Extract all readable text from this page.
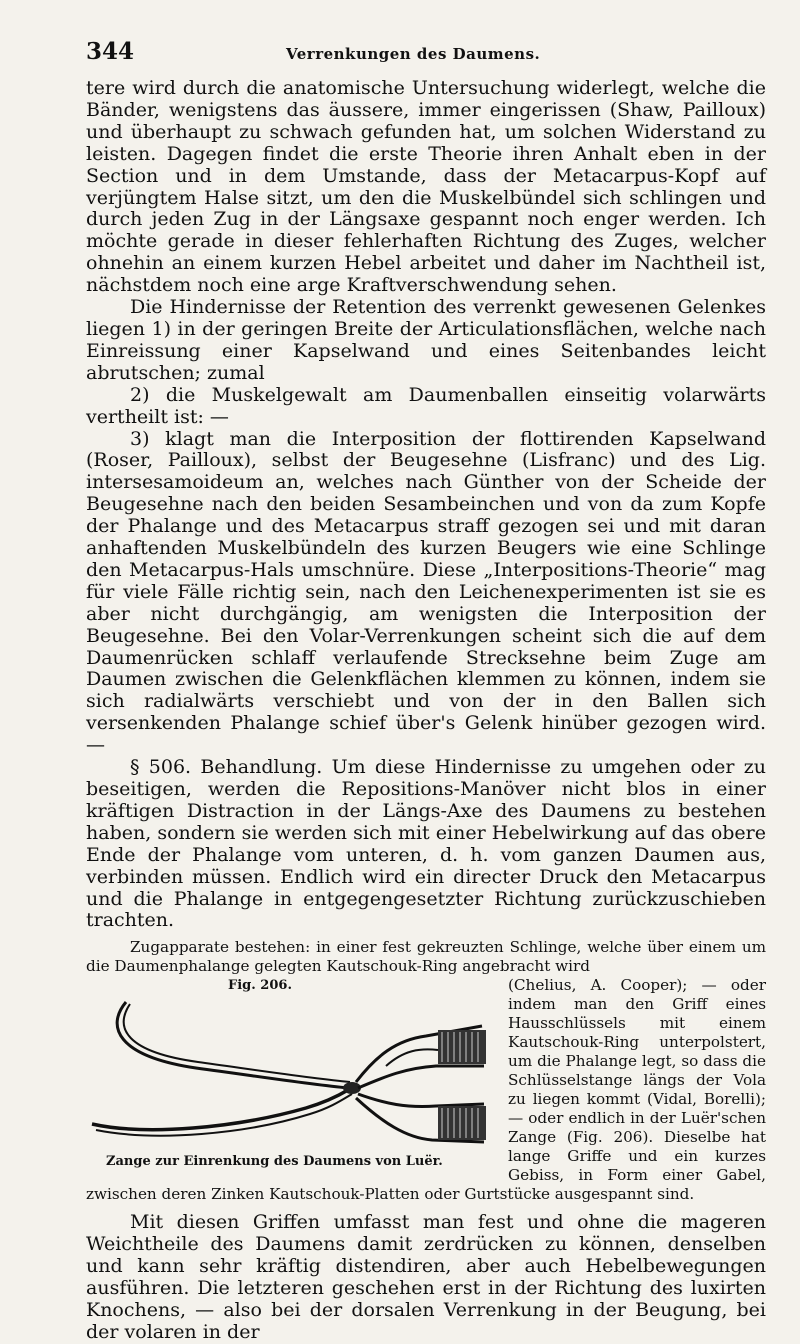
344	Verrenkungen des Daumens.

tere wird durch die anatomische Untersuchung widerlegt, welche die Bänder, wenigstens das äussere, immer eingerissen (Shaw, Pailloux) und überhaupt zu schwach gefunden hat, um solchen Widerstand zu leisten. Dagegen findet die erste Theorie ihren Anhalt eben in der Section und in dem Umstande, dass der Metacarpus-Kopf auf verjüngtem Halse sitzt, um den die Muskelbündel sich schlingen und durch jeden Zug in der Längsaxe gespannt noch enger werden. Ich möchte gerade in dieser fehlerhaften Richtung des Zuges, welcher ohnehin an einem kurzen Hebel arbeitet und daher im Nachtheil ist, nächstdem noch eine arge Kraftverschwendung sehen.

Die Hindernisse der Retention des verrenkt gewesenen Gelenkes liegen 1) in der geringen Breite der Articulationsflächen, welche nach Einreissung einer Kapselwand und eines Seitenbandes leicht abrutschen; zumal

2) die Muskelgewalt am Daumenballen einseitig volarwärts vertheilt ist: —

3) klagt man die Interposition der flottirenden Kapselwand (Roser, Pailloux), selbst der Beugesehne (Lisfranc) und des Lig. intersesamoideum an, welches nach Günther von der Scheide der Beugesehne nach den beiden Sesambeinchen und von da zum Kopfe der Phalange und des Metacarpus straff gezogen sei und mit daran anhaftenden Muskelbündeln des kurzen Beugers wie eine Schlinge den Metacarpus-Hals umschnüre. Diese „Interpositions-Theorie“ mag für viele Fälle richtig sein, nach den Leichenexperimenten ist sie es aber nicht durchgängig, am wenigsten die Interposition der Beugesehne. Bei den Volar-Verrenkungen scheint sich die auf dem Daumenrücken schlaff verlaufende Strecksehne beim Zuge am Daumen zwischen die Gelenkflächen klemmen zu können, indem sie sich radialwärts verschiebt und von der in den Ballen sich versenkenden Phalange schief über's Gelenk hinüber gezogen wird. —

§ 506. Behandlung. Um diese Hindernisse zu umgehen oder zu beseitigen, werden die Repositions-Manöver nicht blos in einer kräftigen Distraction in der Längs-Axe des Daumens zu bestehen haben, sondern sie werden sich mit einer Hebelwirkung auf das obere Ende der Phalange vom unteren, d. h. vom ganzen Daumen aus, verbinden müssen. Endlich wird ein directer Druck den Metacarpus und die Phalange in entgegengesetzter Richtung zurückzuschieben trachten.

Zugapparate bestehen: in einer fest gekreuzten Schlinge, welche über einem um die Daumenphalange gelegten Kautschouk-Ring angebracht wird

Fig. 206.
Zange zur Einrenkung des Daumens von Luër.

(Chelius, A. Cooper); — oder indem man den Griff eines Hausschlüssels mit einem Kautschouk-Ring unterpolstert, um die Phalange legt, so dass die Schlüsselstange längs der Vola zu liegen kommt (Vidal, Borelli); — oder endlich in der Luër'schen Zange (Fig. 206). Dieselbe hat lange Griffe und ein kurzes Gebiss, in Form einer Gabel, zwischen deren Zinken Kautschouk-Platten oder Gurtstücke ausgespannt sind.

Mit diesen Griffen umfasst man fest und ohne die mageren Weichtheile des Daumens damit zerdrücken zu können, denselben und kann sehr kräftig distendiren, aber auch Hebelbewegungen ausführen. Die letzteren geschehen erst in der Richtung des luxirten Knochens, — also bei der dorsalen Verrenkung in der Beugung, bei der volaren in der
